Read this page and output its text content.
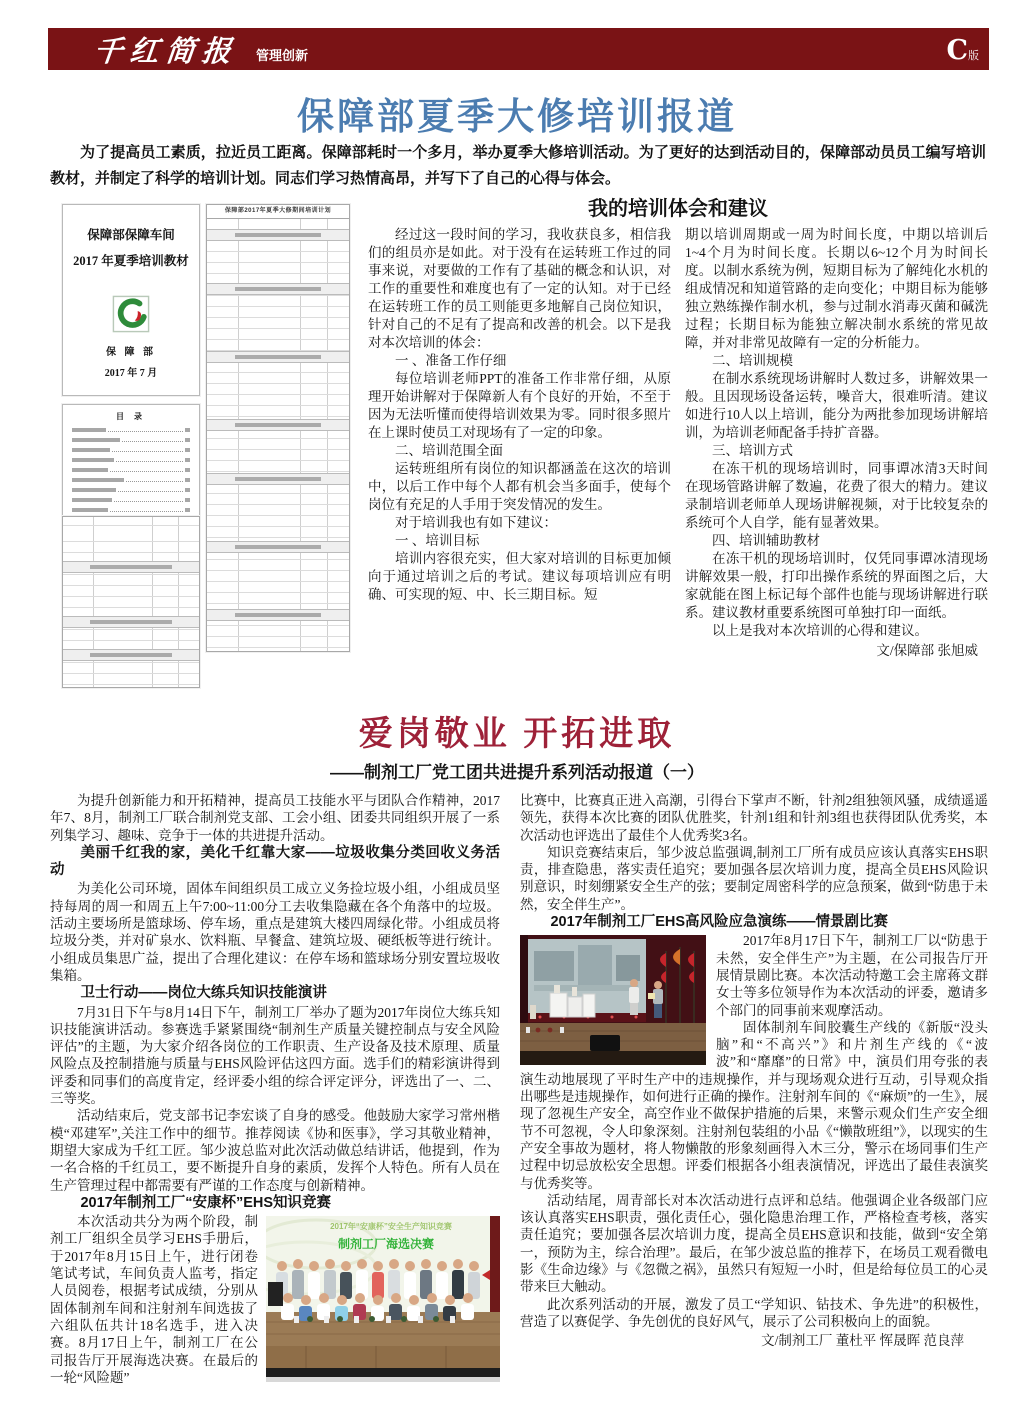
千红简报 管理创新	C 版
保障部夏季大修培训报道
为了提高员工素质，拉近员工距离。保障部耗时一个多月，举办夏季大修培训活动。为了更好的达到活动目的，保障部动员员工编写培训教材，并制定了科学的培训计划。同志们学习热情高昂，并写下了自己的心得与体会。
保障部保障车间
2017 年夏季培训教材
保 障 部
2017 年 7 月
目 录
保障部2017年夏季大修期间培训计划	我的培训体会和建议

经过这一段时间的学习，我收获良多，相信我们的组员亦是如此。对于没有在运转班工作过的同事来说，对要做的工作有了基础的概念和认识，对工作的重要性和难度也有了一定的认知。对于已经在运转班工作的员工则能更多地解自己岗位知识，针对自己的不足有了提高和改善的机会。以下是我对本次培训的体会：

一 、准备工作仔细

每位培训老师PPT的准备工作非常仔细，从原理开始讲解对于保障新人有个良好的开始，不至于因为无法听懂而使得培训效果为零。同时很多照片在上课时使员工对现场有了一定的印象。

二、培训范围全面

运转班组所有岗位的知识都涵盖在这次的培训中，以后工作中每个人都有机会当多面手，使每个岗位有充足的人手用于突发情况的发生。

对于培训我也有如下建议：

一 、培训目标

培训内容很充实，但大家对培训的目标更加倾向于通过培训之后的考试。建议每项培训应有明确、可实现的短、中、长三期目标。短

期以培训周期或一周为时间长度，中期以培训后1~4个月为时间长度。长期以6~12个月为时间长度。以制水系统为例，短期目标为了解纯化水机的组成情况和知道管路的走向变化；中期目标为能够独立熟练操作制水机，参与过制水消毒灭菌和碱洗过程；长期目标为能独立解决制水系统的常见故障，并对非常见故障有一定的分析能力。

二、培训规模

在制水系统现场讲解时人数过多，讲解效果一般。且因现场设备运转，噪音大，很难听清。建议如进行10人以上培训，能分为两批参加现场讲解培训，为培训老师配备手持扩音器。

三、培训方式

在冻干机的现场培训时，同事谭冰清3天时间在现场管路讲解了数遍，花费了很大的精力。建议录制培训老师单人现场讲解视频，对于比较复杂的系统可个人自学，能有显著效果。

四、培训辅助教材

在冻干机的现场培训时，仅凭同事谭冰清现场讲解效果一般，打印出操作系统的界面图之后，大家就能在图上标记每个部件也能与现场讲解进行联系。建议教材重要系统图可单独打印一面纸。

以上是我对本次培训的心得和建议。

文/保障部 张旭威

爱岗敬业 开拓进取
——制剂工厂党工团共进提升系列活动报道（一）

为提升创新能力和开拓精神，提高员工技能水平与团队合作精神，2017年7、8月，制剂工厂联合制剂党支部、工会小组、团委共同组织开展了一系列集学习、趣味、竞争于一体的共进提升活动。

美丽千红我的家，美化千红靠大家——垃圾收集分类回收义务活动

为美化公司环境，固体车间组织员工成立义务捡垃圾小组，小组成员坚持每周的周一和周五上午7:00~11:00分工去收集隐藏在各个角落中的垃圾。活动主要场所是篮球场、停车场，重点是建筑大楼四周绿化带。小组成员将垃圾分类，并对矿泉水、饮料瓶、早餐盒、建筑垃圾、硬纸板等进行统计。小组成员集思广益，提出了合理化建议：在停车场和篮球场分别安置垃圾收集箱。

卫士行动——岗位大练兵知识技能演讲

7月31日下午与8月14日下午，制剂工厂举办了题为2017年岗位大练兵知识技能演讲活动。参赛选手紧紧围绕“制剂生产质量关键控制点与安全风险评估”的主题，为大家介绍各岗位的工作职责、生产设备及技术原理、质量风险点及控制措施与质量与EHS风险评估这四方面。选手们的精彩演讲得到评委和同事们的高度肯定，经评委小组的综合评定评分，评选出了一、二、三等奖。

活动结束后，党支部书记李宏谈了自身的感受。他鼓励大家学习常州楷模“邓建军”,关注工作中的细节。推荐阅读《协和医事》，学习其敬业精神，期望大家成为千红工匠。邹少波总监对此次活动做总结讲话，他提到，作为一名合格的千红员工，要不断提升自身的素质，发挥个人特色。所有人员在生产管理过程中都需要有严谨的工作态度与创新精神。

2017年制剂工厂“安康杯”EHS知识竞赛

2017年“安康杯”安全生产知识竞赛
制剂工厂海选决赛

本次活动共分为两个阶段，制剂工厂组织全员学习EHS手册后，于2017年8月15日上午，进行闭卷笔试考试，车间负责人监考，指定人员阅卷，根据考试成绩，分别从固体制剂车间和注射剂车间选拔了六组队伍共计18名选手，进入决赛。8月17日上午，制剂工厂在公司报告厅开展海选决赛。在最后的一轮“风险题”

比赛中，比赛真正进入高潮，引得台下掌声不断，针剂2组独领风骚，成绩遥遥领先，获得本次比赛的团队优胜奖，针剂1组和针剂3组也获得团队优秀奖，本次活动也评选出了最佳个人优秀奖3名。

知识竞赛结束后，邹少波总监强调,制剂工厂所有成员应该认真落实EHS职责，排查隐患，落实责任追究；要加强各层次培训力度，提高全员EHS风险识别意识，时刻绷紧安全生产的弦；要制定周密科学的应急预案，做到“防患于未然，安全伴生产”。

2017年制剂工厂EHS高风险应急演练——情景剧比赛

2017年8月17日下午，制剂工厂以“防患于未然，安全伴生产”为主题，在公司报告厅开展情景剧比赛。本次活动特邀工会主席蒋文群女士等多位领导作为本次活动的评委，邀请多个部门的同事前来观摩活动。

固体制剂车间胶囊生产线的《新版“没头脑”和“不高兴”》和片剂生产线的《“波波”和“靡靡”的日常》中，演员们用夸张的表演生动地展现了平时生产中的违规操作，并与现场观众进行互动，引导观众指出哪些是违规操作，如何进行正确的操作。注射剂车间的《“麻烦”的一生》，展现了忽视生产安全，高空作业不做保护措施的后果，来警示观众们生产安全细节不可忽视，令人印象深刻。注射剂包装组的小品《“懒散班组”》，以现实的生产安全事故为题材，将人物懒散的形象刻画得入木三分，警示在场同事们生产过程中切忌放松安全思想。评委们根据各小组表演情况，评选出了最佳表演奖与优秀奖等。

活动结尾，周青部长对本次活动进行点评和总结。他强调企业各级部门应该认真落实EHS职责，强化责任心，强化隐患治理工作，严格检查考核，落实责任追究；要加强各层次培训力度，提高全员EHS意识和技能，做到“安全第一，预防为主，综合治理”。最后，在邹少波总监的推荐下，在场员工观看微电影《生命边缘》与《忽微之祸》，虽然只有短短一小时，但是给每位员工的心灵带来巨大触动。

此次系列活动的开展，激发了员工“学知识、钻技术、争先进”的积极性，营造了以赛促学、争先创优的良好风气，展示了公司积极向上的面貌。

文/制剂工厂 董杜平 恽晟晖 范良萍
